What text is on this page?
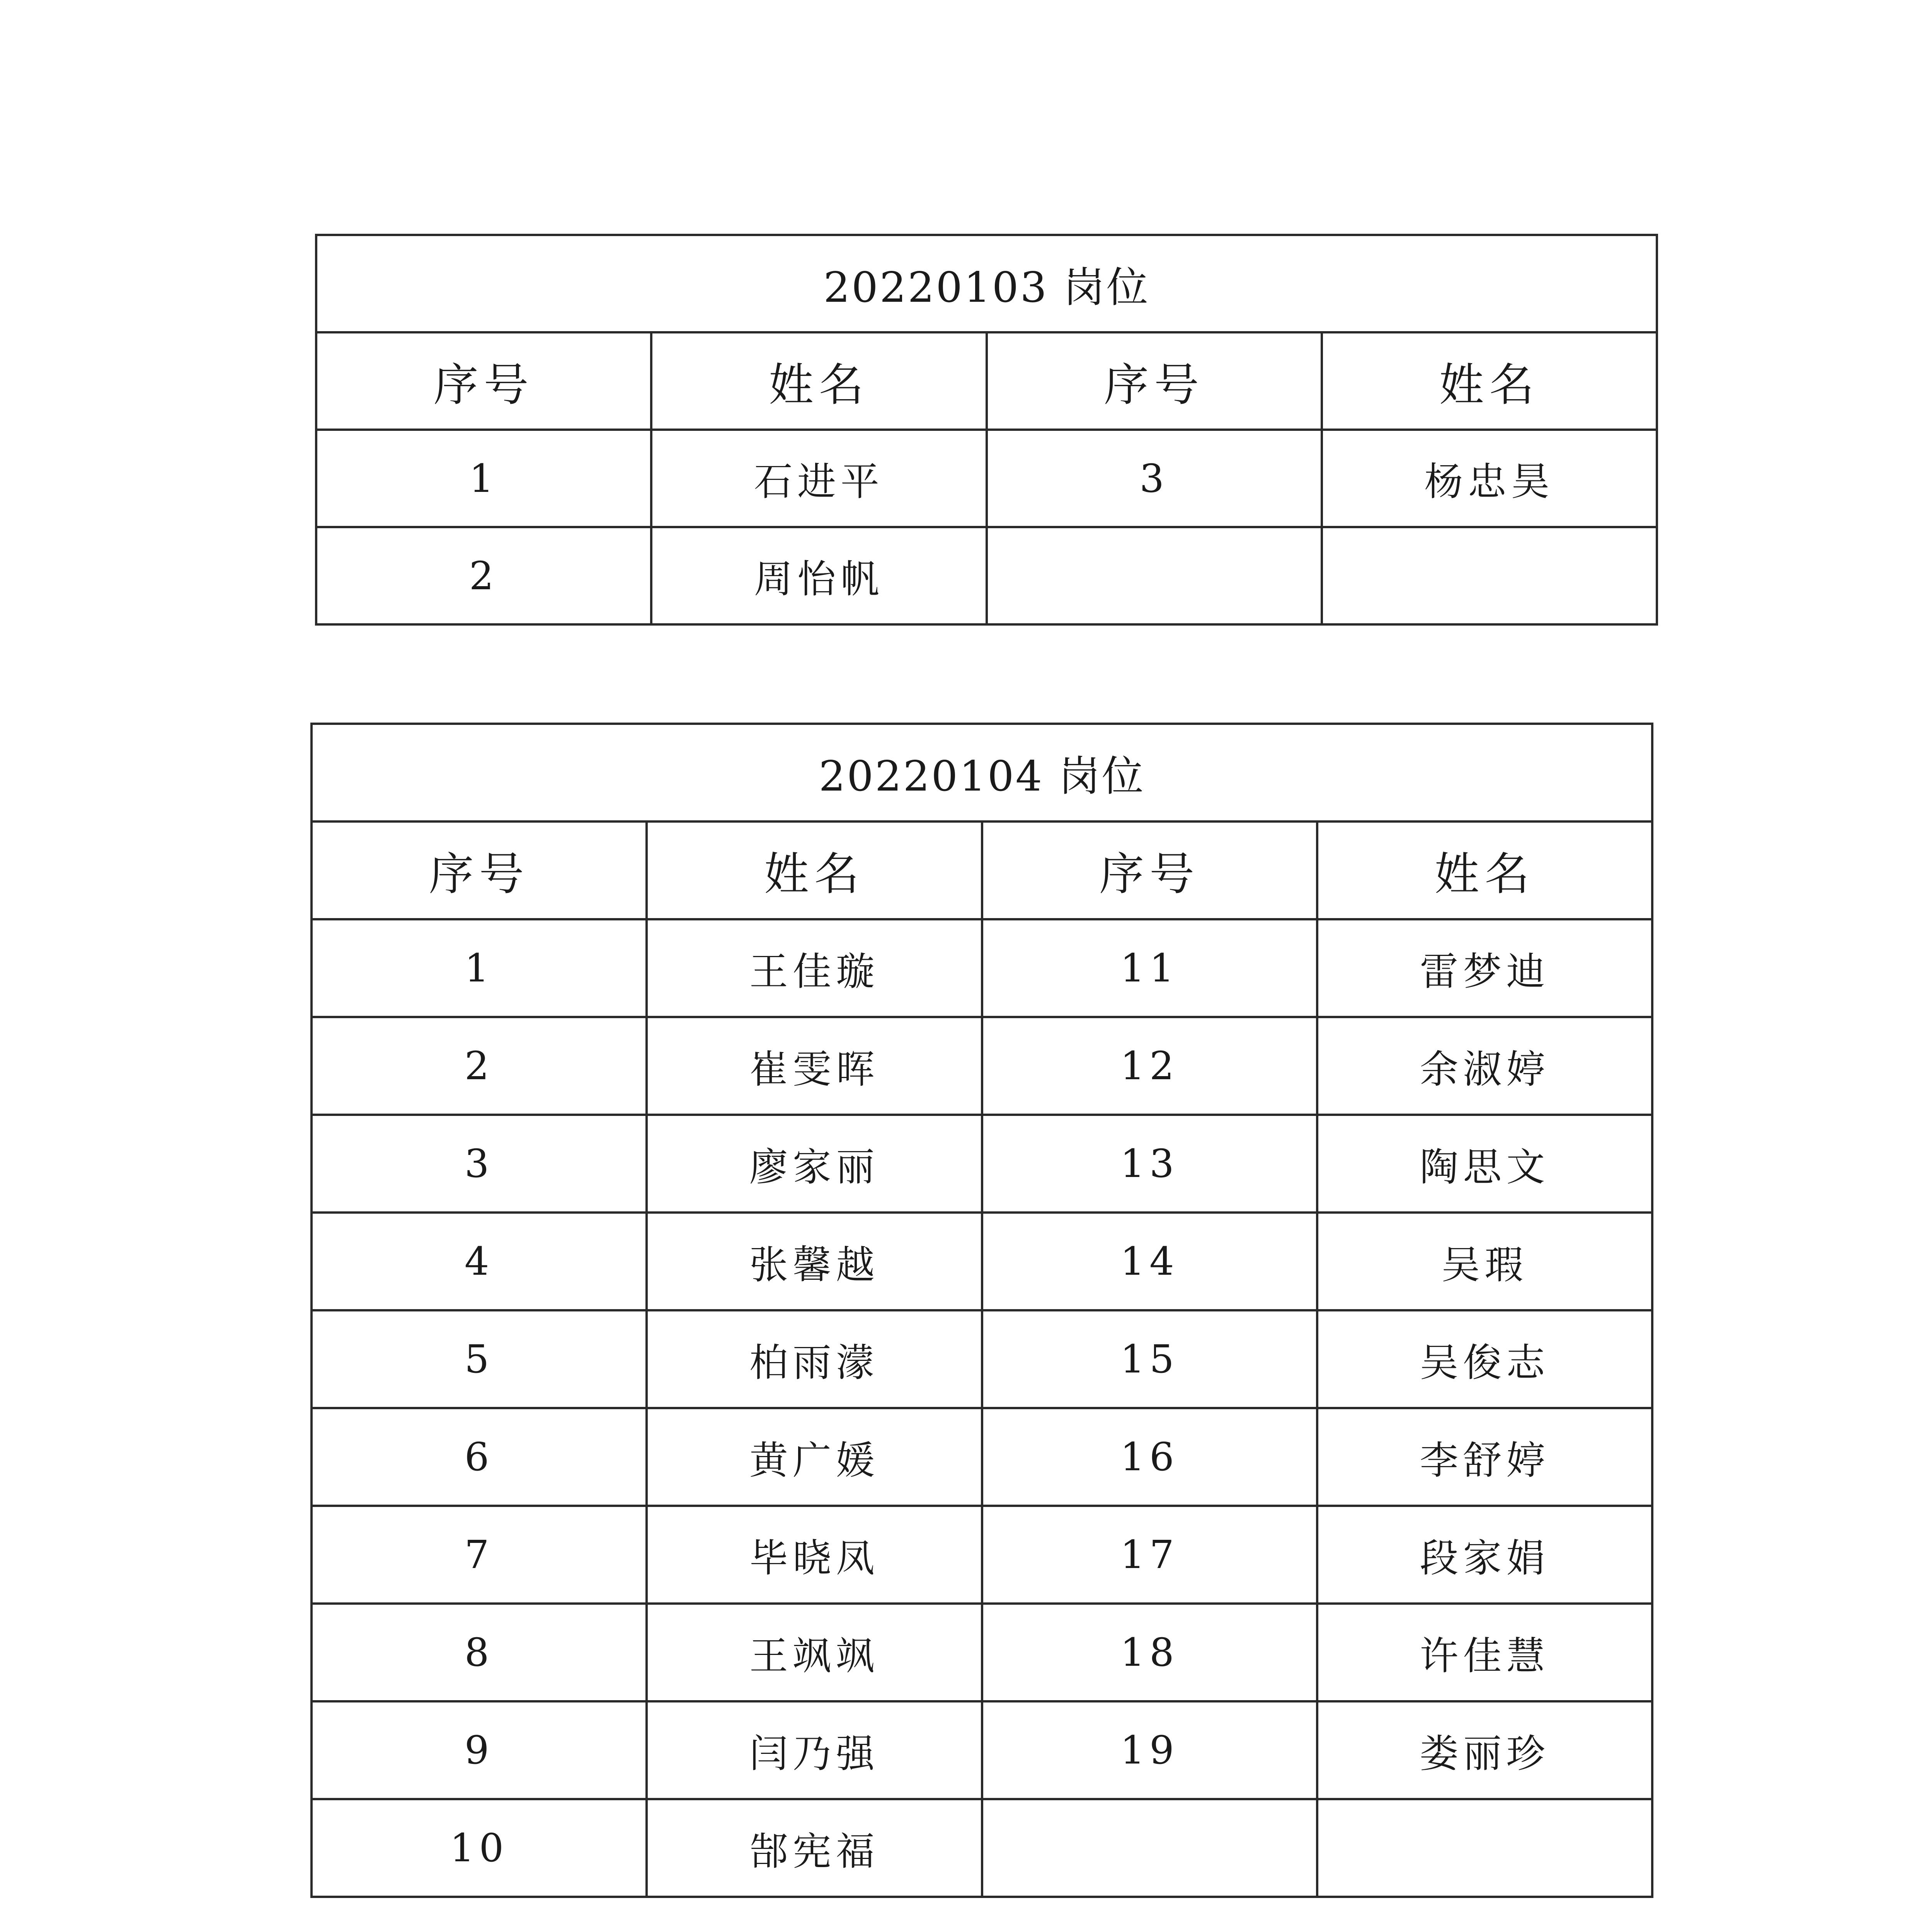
20220103 岗位			
序号	姓名	序号	姓名
1	石进平	3	杨忠昊
2	周怡帆		
20220104 岗位			
序号	姓名	序号	姓名
1	王佳璇	11	雷梦迪
2	崔雯晖	12	余淑婷
3	廖家丽	13	陶思文
4	张馨越	14	吴瑕
5	柏雨濛	15	吴俊志
6	黄广媛	16	李舒婷
7	毕晓凤	17	段家娟
8	王飒飒	18	许佳慧
9	闫乃强	19	娄丽珍
10	郜宪福		
